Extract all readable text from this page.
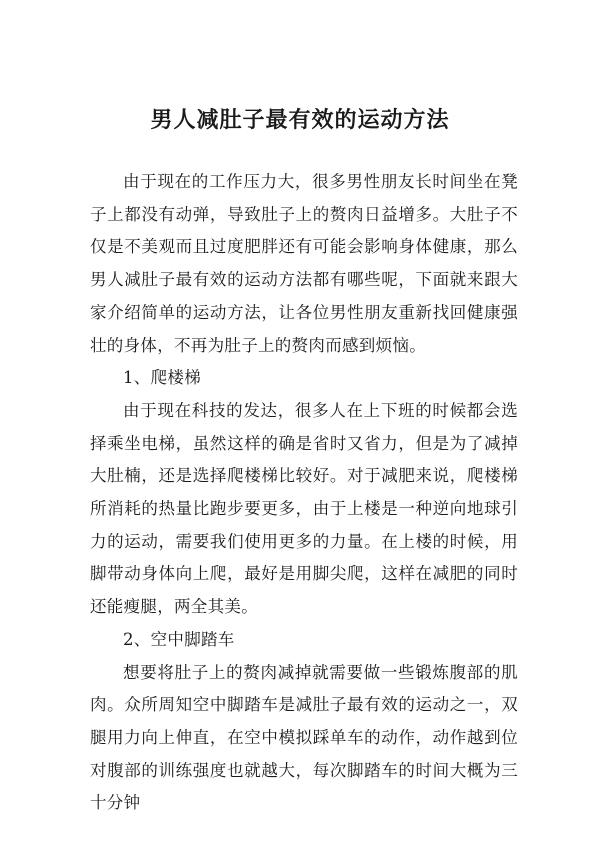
男人减肚子最有效的运动方法

由于现在的工作压力大，很多男性朋友长时间坐在凳子上都没有动弹，导致肚子上的赘肉日益增多。大肚子不仅是不美观而且过度肥胖还有可能会影响身体健康，那么男人减肚子最有效的运动方法都有哪些呢，下面就来跟大家介绍简单的运动方法，让各位男性朋友重新找回健康强壮的身体，不再为肚子上的赘肉而感到烦恼。

1、爬楼梯

由于现在科技的发达，很多人在上下班的时候都会选择乘坐电梯，虽然这样的确是省时又省力，但是为了减掉大肚楠，还是选择爬楼梯比较好。对于减肥来说，爬楼梯所消耗的热量比跑步要更多，由于上楼是一种逆向地球引力的运动，需要我们使用更多的力量。在上楼的时候，用脚带动身体向上爬，最好是用脚尖爬，这样在减肥的同时还能瘦腿，两全其美。

2、空中脚踏车

想要将肚子上的赘肉减掉就需要做一些锻炼腹部的肌肉。众所周知空中脚踏车是减肚子最有效的运动之一，双腿用力向上伸直，在空中模拟踩单车的动作，动作越到位对腹部的训练强度也就越大，每次脚踏车的时间大概为三十分钟
